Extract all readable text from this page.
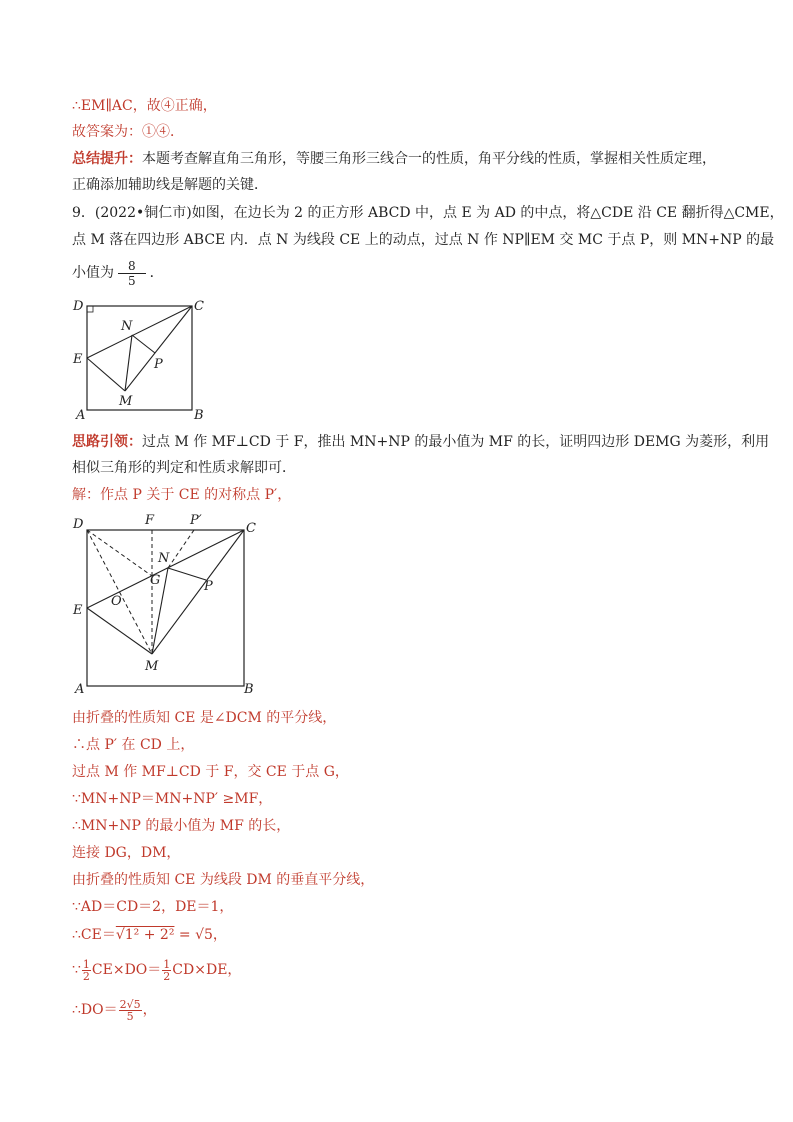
∴EM∥AC，故④正确，
故答案为：①④．
总结提升：本题考查解直角三角形，等腰三角形三线合一的性质，角平分线的性质，掌握相关性质定理，
正确添加辅助线是解题的关键．
9．(2022•铜仁市)如图，在边长为 2 的正方形 ABCD 中，点 E 为 AD 的中点，将△CDE 沿 CE 翻折得△CME，
点 M 落在四边形 ABCE 内．点 N 为线段 CE 上的动点，过点 N 作 NP∥EM 交 MC 于点 P，则 MN+NP 的最
小值为 $\frac{8}{5}$ ．
D	C
N
E	P
M
A	B
思路引领：过点 M 作 MF⊥CD 于 F，推出 MN+NP 的最小值为 MF 的长，证明四边形 DEMG 为菱形，利用
相似三角形的判定和性质求解即可．
解：作点 P 关于 CE 的对称点 P′，
D	F	P′
C
N
G	P
E
O
M
A	B
由折叠的性质知 CE 是∠DCM 的平分线，
∴点 P′ 在 CD 上，
过点 M 作 MF⊥CD 于 F，交 CE 于点 G，
∵MN+NP＝MN+NP′ ≥MF，
∴MN+NP 的最小值为 MF 的长，
连接 DG，DM，
由折叠的性质知 CE 为线段 DM 的垂直平分线，
∵AD＝CD＝2，DE＝1，
∴CE＝√1² + 2² = √5，
∵ $\frac{1}{2} CE\times DO= \frac{1}{2} CD\times DE$，
∴DO＝ $\frac{2√5}{5}$ ，
